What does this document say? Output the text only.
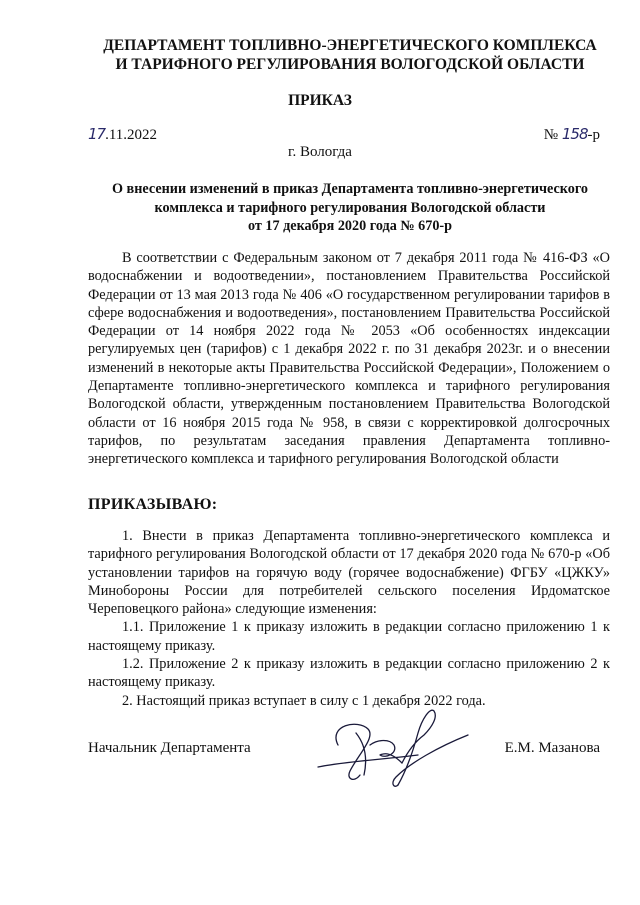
ДЕПАРТАМЕНТ ТОПЛИВНО-ЭНЕРГЕТИЧЕСКОГО КОМПЛЕКСА
И ТАРИФНОГО РЕГУЛИРОВАНИЯ ВОЛОГОДСКОЙ ОБЛАСТИ
ПРИКАЗ
17.11.2022	№ 158-р
г. Вологда
О внесении изменений в приказ Департамента топливно-энергетического
комплекса и тарифного регулирования Вологодской области
от 17 декабря 2020 года № 670-р

В соответствии с Федеральным законом от 7 декабря 2011 года № 416-ФЗ «О водоснабжении и водоотведении», постановлением Правительства Российской Федерации от 13 мая 2013 года № 406 «О государственном регулировании тарифов в сфере водоснабжения и водоотведения», постановлением Правительства Российской Федерации от 14 ноября 2022 года № 2053 «Об особенностях индексации регулируемых цен (тарифов) с 1 декабря 2022 г. по 31 декабря 2023г. и о внесении изменений в некоторые акты Правительства Российской Федерации», Положением о Департаменте топливно-энергетического комплекса и тарифного регулирования Вологодской области, утвержденным постановлением Правительства Вологодской области от 16 ноября 2015 года № 958, в связи с корректировкой долгосрочных тарифов, по результатам заседания правления Департамента топливно-энергетического комплекса и тарифного регулирования Вологодской области

ПРИКАЗЫВАЮ:

1. Внести в приказ Департамента топливно-энергетического комплекса и тарифного регулирования Вологодской области от 17 декабря 2020 года № 670-р «Об установлении тарифов на горячую воду (горячее водоснабжение) ФГБУ «ЦЖКУ» Минобороны России для потребителей сельского поселения Ирдоматское Череповецкого района» следующие изменения:

1.1. Приложение 1 к приказу изложить в редакции согласно приложению 1 к настоящему приказу.

1.2. Приложение 2 к приказу изложить в редакции согласно приложению 2 к настоящему приказу.

2. Настоящий приказ вступает в силу с 1 декабря 2022 года.

Начальник Департамента	Е.М. Мазанова
